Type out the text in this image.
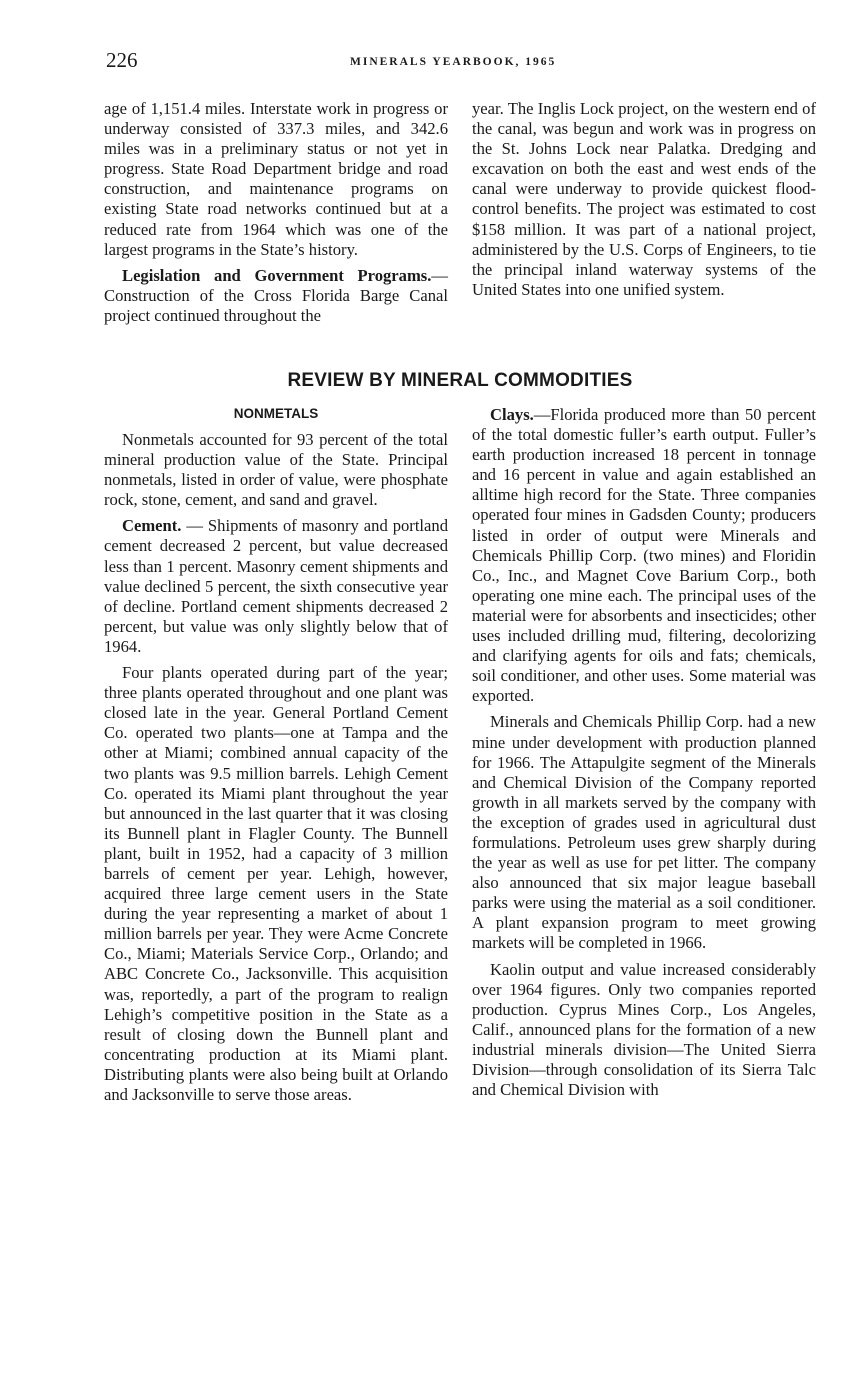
226	MINERALS YEARBOOK, 1965

age of 1,151.4 miles. Interstate work in progress or underway consisted of 337.3 miles, and 342.6 miles was in a preliminary status or not yet in progress. State Road Department bridge and road construction, and maintenance programs on existing State road networks continued but at a reduced rate from 1964 which was one of the largest programs in the State’s history.

Legislation and Government Programs.—Construction of the Cross Florida Barge Canal project continued throughout the

year. The Inglis Lock project, on the western end of the canal, was begun and work was in progress on the St. Johns Lock near Palatka. Dredging and excavation on both the east and west ends of the canal were underway to provide quickest flood-control benefits. The project was estimated to cost $158 million. It was part of a national project, administered by the U.S. Corps of Engineers, to tie the principal inland waterway systems of the United States into one unified system.

REVIEW BY MINERAL COMMODITIES
NONMETALS

Nonmetals accounted for 93 percent of the total mineral production value of the State. Principal nonmetals, listed in order of value, were phosphate rock, stone, cement, and sand and gravel.

Cement. — Shipments of masonry and portland cement decreased 2 percent, but value decreased less than 1 percent. Masonry cement shipments and value declined 5 percent, the sixth consecutive year of decline. Portland cement shipments decreased 2 percent, but value was only slightly below that of 1964.

Four plants operated during part of the year; three plants operated throughout and one plant was closed late in the year. General Portland Cement Co. operated two plants—one at Tampa and the other at Miami; combined annual capacity of the two plants was 9.5 million barrels. Lehigh Cement Co. operated its Miami plant throughout the year but announced in the last quarter that it was closing its Bunnell plant in Flagler County. The Bunnell plant, built in 1952, had a capacity of 3 million barrels of cement per year. Lehigh, however, acquired three large cement users in the State during the year representing a market of about 1 million barrels per year. They were Acme Concrete Co., Miami; Materials Service Corp., Orlando; and ABC Concrete Co., Jacksonville. This acquisition was, reportedly, a part of the program to realign Lehigh’s competitive position in the State as a result of closing down the Bunnell plant and concentrating production at its Miami plant. Distributing plants were also being built at Orlando and Jacksonville to serve those areas.

Clays.—Florida produced more than 50 percent of the total domestic fuller’s earth output. Fuller’s earth production increased 18 percent in tonnage and 16 percent in value and again established an alltime high record for the State. Three companies operated four mines in Gadsden County; producers listed in order of output were Minerals and Chemicals Phillip Corp. (two mines) and Floridin Co., Inc., and Magnet Cove Barium Corp., both operating one mine each. The principal uses of the material were for absorbents and insecticides; other uses included drilling mud, filtering, decolorizing and clarifying agents for oils and fats; chemicals, soil conditioner, and other uses. Some material was exported.

Minerals and Chemicals Phillip Corp. had a new mine under development with production planned for 1966. The Attapulgite segment of the Minerals and Chemical Division of the Company reported growth in all markets served by the company with the exception of grades used in agricultural dust formulations. Petroleum uses grew sharply during the year as well as use for pet litter. The company also announced that six major league baseball parks were using the material as a soil conditioner. A plant expansion program to meet growing markets will be completed in 1966.

Kaolin output and value increased considerably over 1964 figures. Only two companies reported production. Cyprus Mines Corp., Los Angeles, Calif., announced plans for the formation of a new industrial minerals division—The United Sierra Division—through consolidation of its Sierra Talc and Chemical Division with
